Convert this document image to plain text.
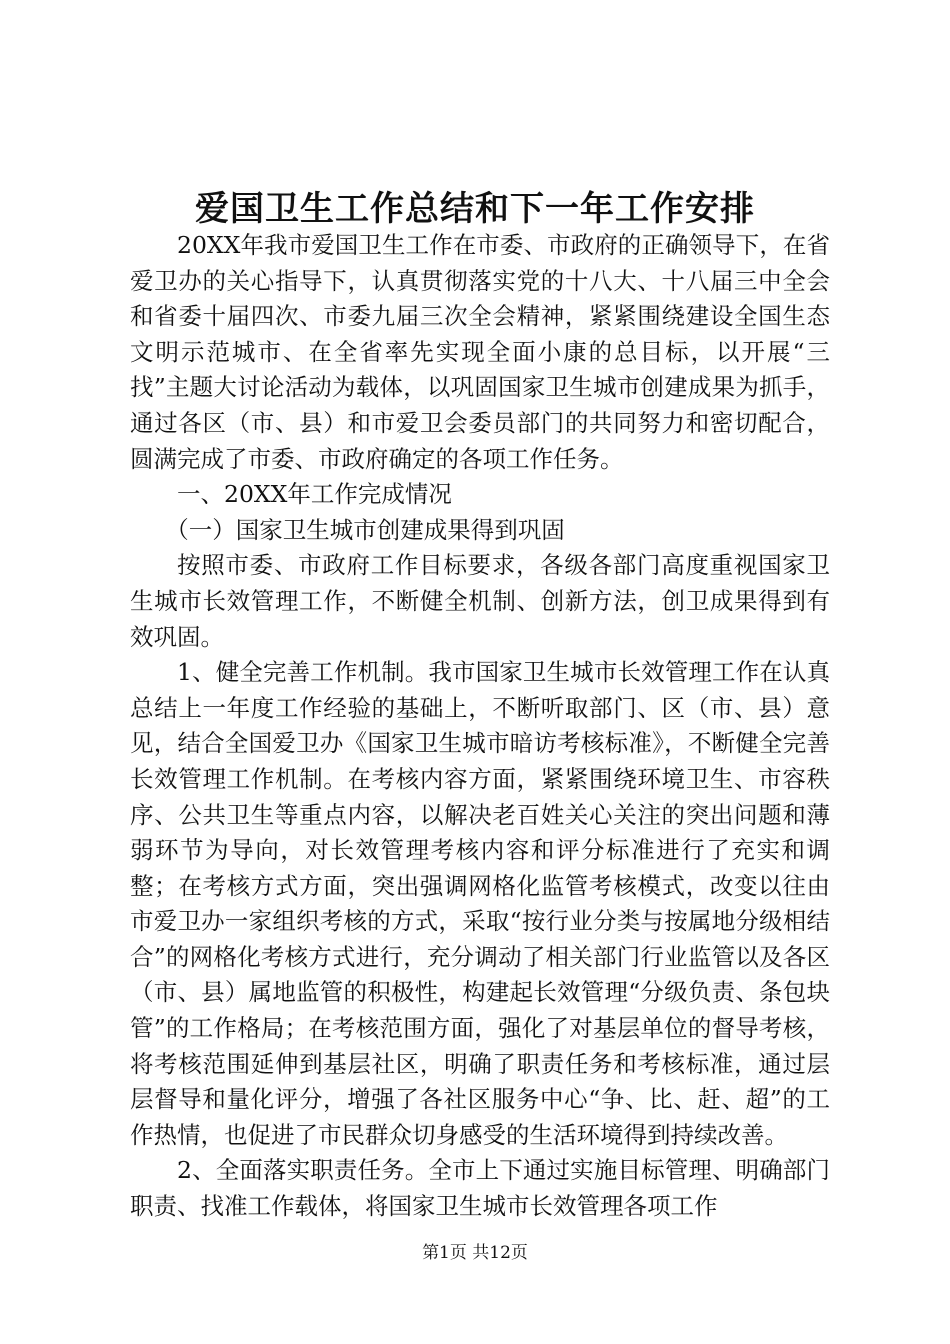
爱国卫生工作总结和下一年工作安排

20XX年我市爱国卫生工作在市委、市政府的正确领导下，在省爱卫办的关心指导下，认真贯彻落实党的十八大、十八届三中全会和省委十届四次、市委九届三次全会精神，紧紧围绕建设全国生态文明示范城市、在全省率先实现全面小康的总目标，以开展“三找”主题大讨论活动为载体，以巩固国家卫生城市创建成果为抓手，通过各区（市、县）和市爱卫会委员部门的共同努力和密切配合，圆满完成了市委、市政府确定的各项工作任务。

一、20XX年工作完成情况

（一）国家卫生城市创建成果得到巩固

按照市委、市政府工作目标要求，各级各部门高度重视国家卫生城市长效管理工作，不断健全机制、创新方法，创卫成果得到有效巩固。

1、健全完善工作机制。我市国家卫生城市长效管理工作在认真总结上一年度工作经验的基础上，不断听取部门、区（市、县）意见，结合全国爱卫办《国家卫生城市暗访考核标准》，不断健全完善长效管理工作机制。在考核内容方面，紧紧围绕环境卫生、市容秩序、公共卫生等重点内容，以解决老百姓关心关注的突出问题和薄弱环节为导向，对长效管理考核内容和评分标准进行了充实和调整；在考核方式方面，突出强调网格化监管考核模式，改变以往由市爱卫办一家组织考核的方式，采取“按行业分类与按属地分级相结合”的网格化考核方式进行，充分调动了相关部门行业监管以及各区（市、县）属地监管的积极性，构建起长效管理“分级负责、条包块管”的工作格局；在考核范围方面，强化了对基层单位的督导考核，将考核范围延伸到基层社区，明确了职责任务和考核标准，通过层层督导和量化评分，增强了各社区服务中心“争、比、赶、超”的工作热情，也促进了市民群众切身感受的生活环境得到持续改善。

2、全面落实职责任务。全市上下通过实施目标管理、明确部门职责、找准工作载体，将国家卫生城市长效管理各项工作

第1页 共12页
